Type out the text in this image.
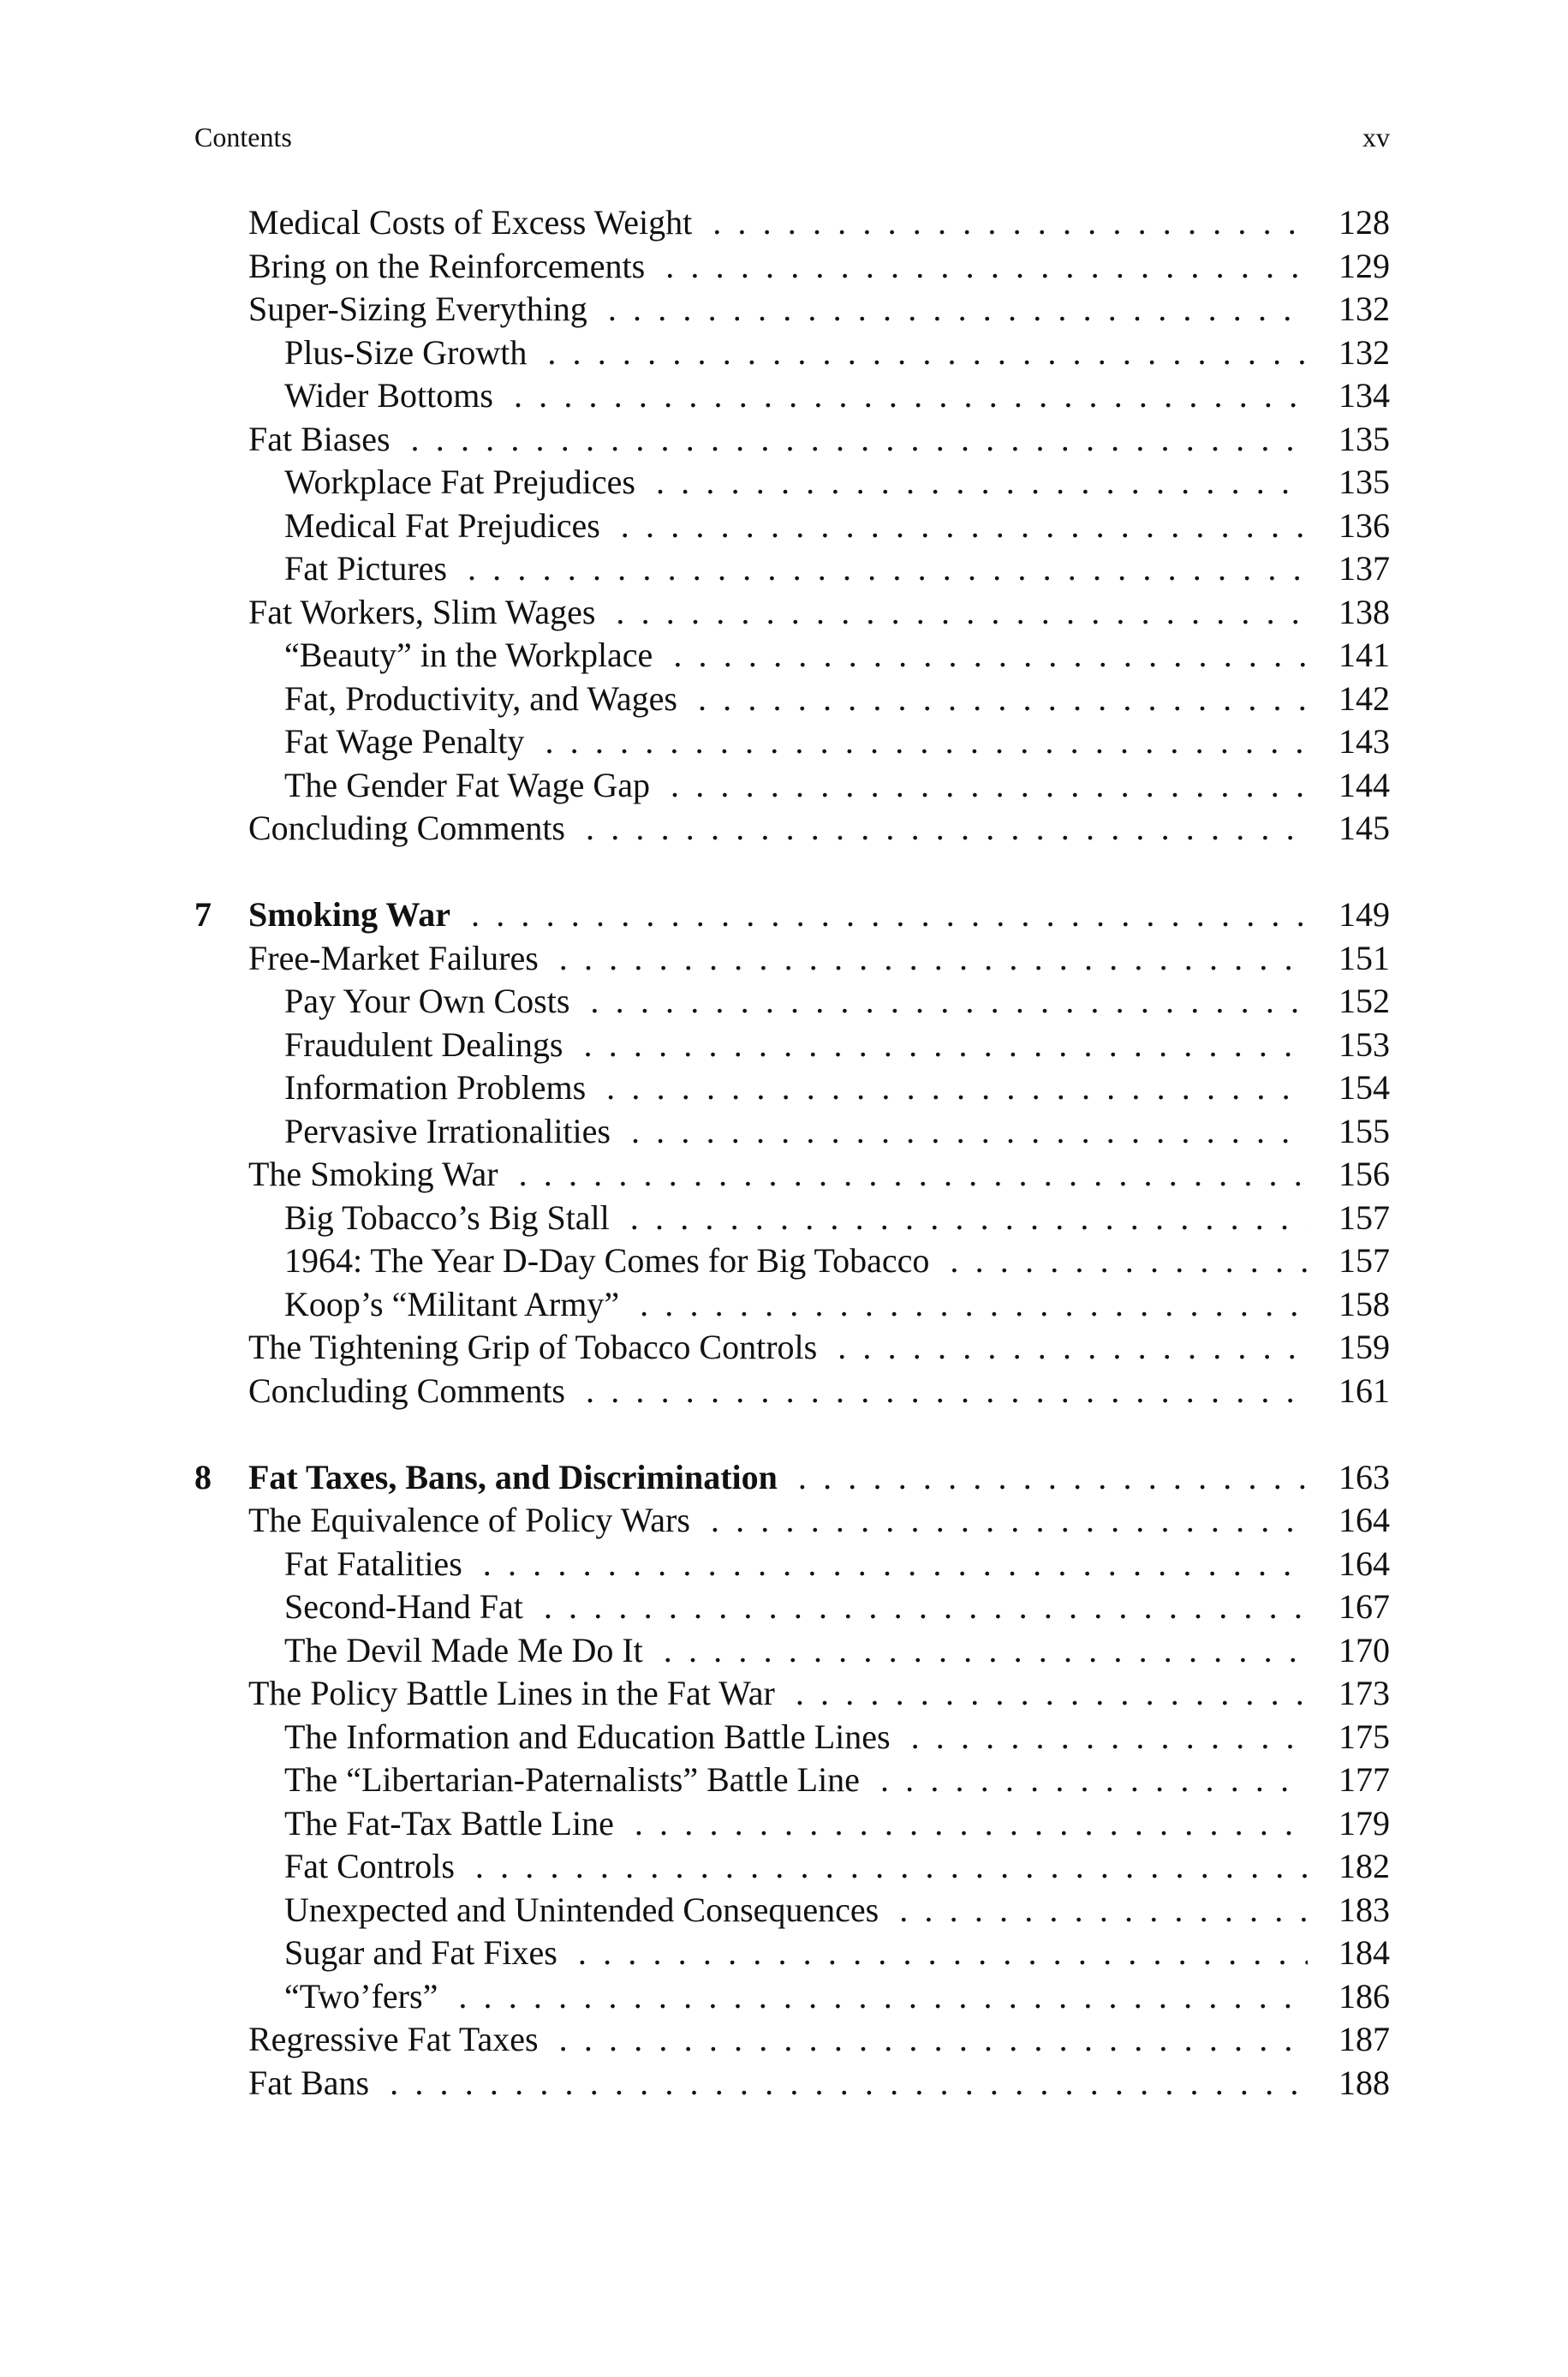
Contents	xv
Medical Costs of Excess Weight . . .	128
Bring on the Reinforcements . . .	129
Super-Sizing Everything . . .	132
Plus-Size Growth . . .	132
Wider Bottoms . . .	134
Fat Biases . . .	135
Workplace Fat Prejudices . . .	135
Medical Fat Prejudices . . .	136
Fat Pictures . . .	137
Fat Workers, Slim Wages . . .	138
“Beauty” in the Workplace . . .	141
Fat, Productivity, and Wages . . .	142
Fat Wage Penalty . . .	143
The Gender Fat Wage Gap . . .	144
Concluding Comments . . .	145
7 Smoking War . . .	149
Free-Market Failures . . .	151
Pay Your Own Costs . . .	152
Fraudulent Dealings . . .	153
Information Problems . . .	154
Pervasive Irrationalities . . .	155
The Smoking War . . .	156
Big Tobacco’s Big Stall . . .	157
1964: The Year D-Day Comes for Big Tobacco . . .	157
Koop’s “Militant Army” . . .	158
The Tightening Grip of Tobacco Controls . . .	159
Concluding Comments . . .	161
8 Fat Taxes, Bans, and Discrimination . . .	163
The Equivalence of Policy Wars . . .	164
Fat Fatalities . . .	164
Second-Hand Fat . . .	167
The Devil Made Me Do It . . .	170
The Policy Battle Lines in the Fat War . . .	173
The Information and Education Battle Lines . . .	175
The “Libertarian-Paternalists” Battle Line . . .	177
The Fat-Tax Battle Line . . .	179
Fat Controls . . .	182
Unexpected and Unintended Consequences . . .	183
Sugar and Fat Fixes . . .	184
“Two’fers” . . .	186
Regressive Fat Taxes . . .	187
Fat Bans . . .	188
